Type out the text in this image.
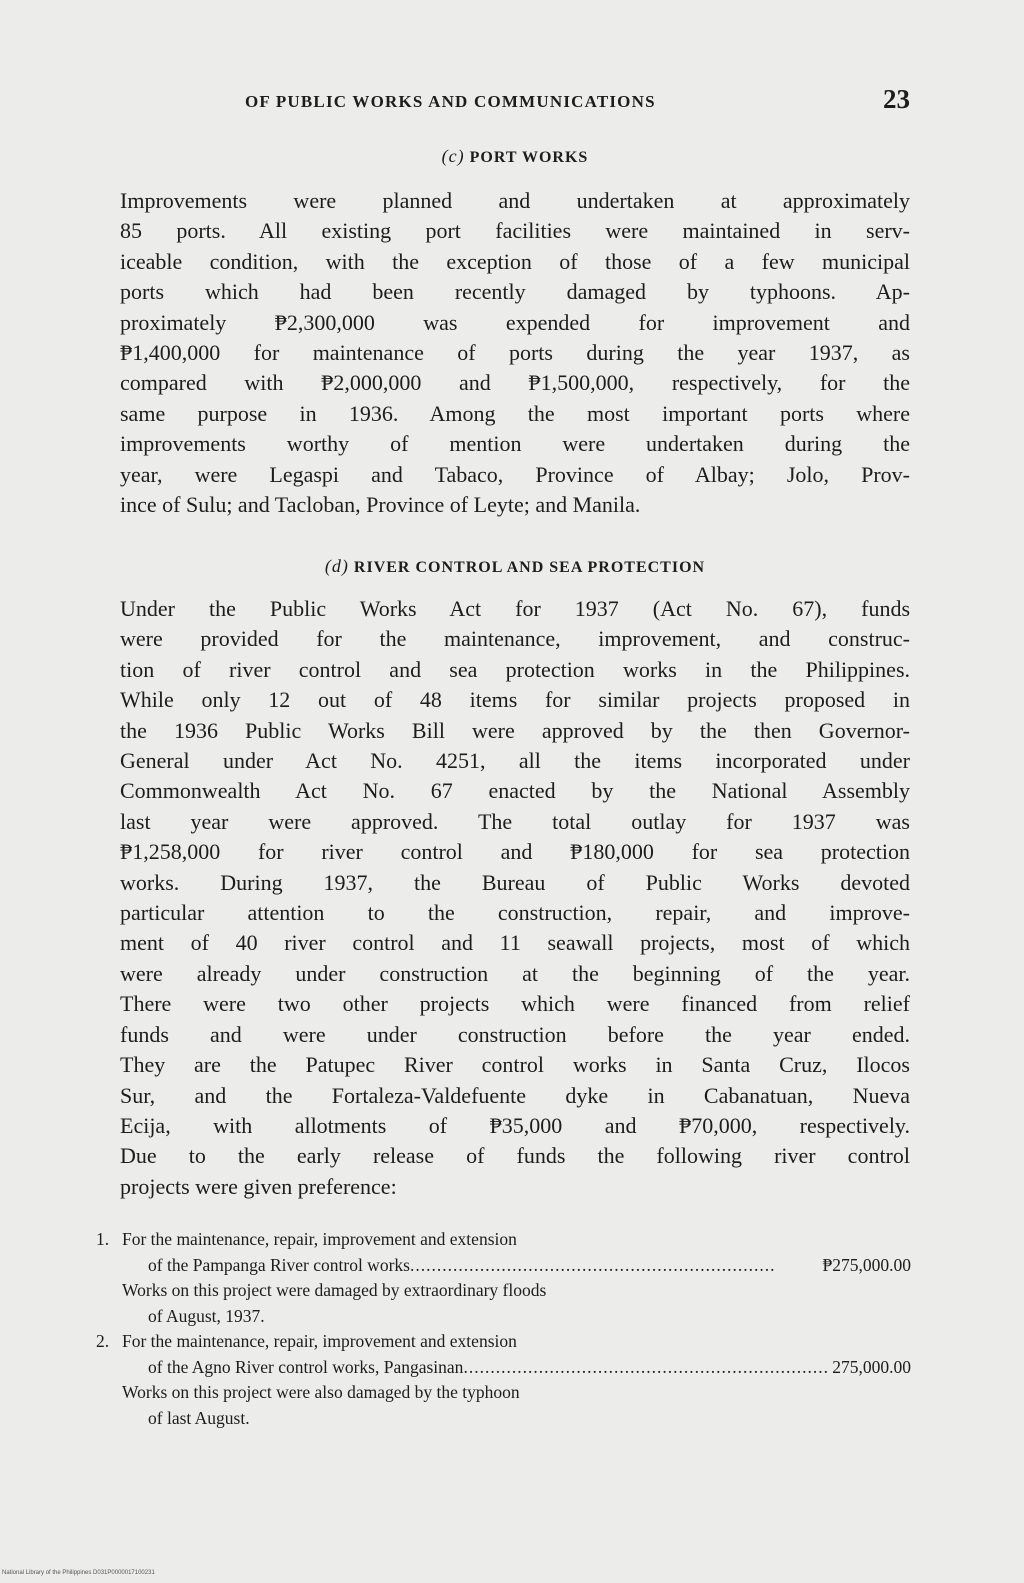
OF PUBLIC WORKS AND COMMUNICATIONS	23
(c) PORT WORKS

Improvements were planned and undertaken at approximately
85 ports. All existing port facilities were maintained in serv-
iceable condition, with the exception of those of a few municipal
ports which had been recently damaged by typhoons. Ap-
proximately ₱2,300,000 was expended for improvement and
₱1,400,000 for maintenance of ports during the year 1937, as
compared with ₱2,000,000 and ₱1,500,000, respectively, for the
same purpose in 1936. Among the most important ports where
improvements worthy of mention were undertaken during the
year, were Legaspi and Tabaco, Province of Albay; Jolo, Prov-
ince of Sulu; and Tacloban, Province of Leyte; and Manila.

(d) RIVER CONTROL AND SEA PROTECTION

Under the Public Works Act for 1937 (Act No. 67), funds
were provided for the maintenance, improvement, and construc-
tion of river control and sea protection works in the Philippines.
While only 12 out of 48 items for similar projects proposed in
the 1936 Public Works Bill were approved by the then Governor-
General under Act No. 4251, all the items incorporated under
Commonwealth Act No. 67 enacted by the National Assembly
last year were approved. The total outlay for 1937 was
₱1,258,000 for river control and ₱180,000 for sea protection
works. During 1937, the Bureau of Public Works devoted
particular attention to the construction, repair, and improve-
ment of 40 river control and 11 seawall projects, most of which
were already under construction at the beginning of the year.
There were two other projects which were financed from relief
funds and were under construction before the year ended.
They are the Patupec River control works in Santa Cruz, Ilocos
Sur, and the Fortaleza-Valdefuente dyke in Cabanatuan, Nueva
Ecija, with allotments of ₱35,000 and ₱70,000, respectively.
Due to the early release of funds the following river control
projects were given preference:

1. For the maintenance, repair, improvement and extension
of the Pampanga River control works....................................................................	₱275,000.00
Works on this project were damaged by extraordinary floods
of August, 1937.
2. For the maintenance, repair, improvement and extension
of the Agno River control works, Pangasinan.................................................................... 275,000.00
Works on this project were also damaged by the typhoon
of last August.
National Library of the Philippines D031P0000017100231
